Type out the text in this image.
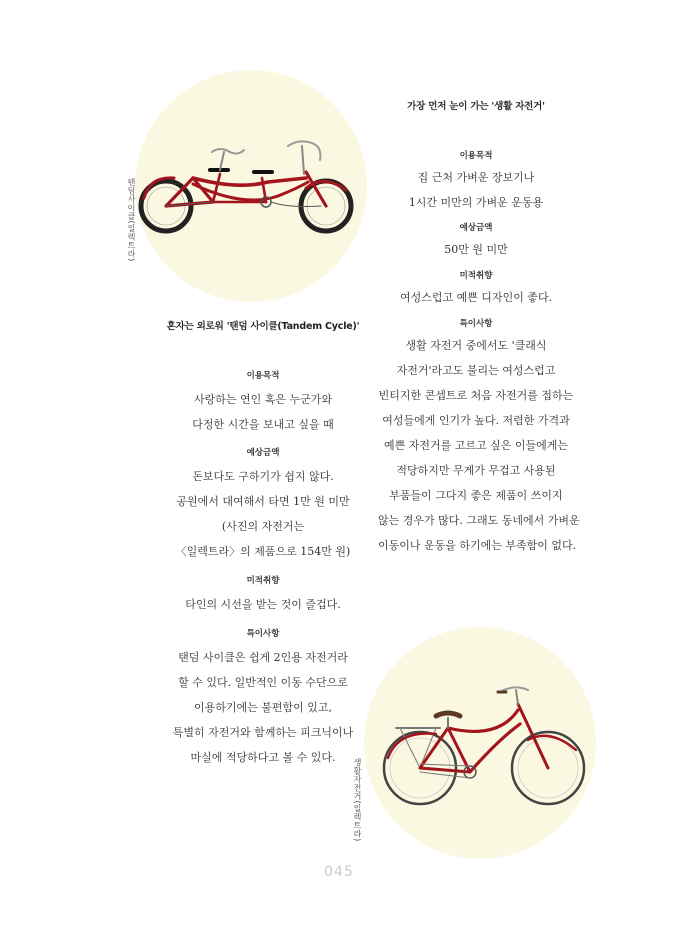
텐덤사이클(일렉트라)
생활자전거(일렉트라)
혼자는 외로워 '탠덤 사이클(Tandem Cycle)'
이용목적
사랑하는 연인 혹은 누군가와
다정한 시간을 보내고 싶을 때
예상금액
돈보다도 구하기가 쉽지 않다.
공원에서 대여해서 타면 1만 원 미만
(사진의 자전거는
〈일렉트라〉의 제품으로 154만 원)
미적취향
타인의 시선을 받는 것이 즐겁다.
특이사항
탠덤 사이클은 쉽게 2인용 자전거라
할 수 있다. 일반적인 이동 수단으로
이용하기에는 불편함이 있고,
특별히 자전거와 함께하는 피크닉이나
마실에 적당하다고 볼 수 있다.
가장 먼저 눈이 가는 '생활 자전거'
이용목적
집 근처 가벼운 장보기나
1시간 미만의 가벼운 운동용
예상금액
50만 원 미만
미적취향
여성스럽고 예쁜 디자인이 좋다.
특이사항
생활 자전거 중에서도 '클래식
자전거'라고도 불리는 여성스럽고
빈티지한 콘셉트로 처음 자전거를 접하는
여성들에게 인기가 높다. 저렴한 가격과
예쁜 자전거를 고르고 싶은 이들에게는
적당하지만 무게가 무겁고 사용된
부품들이 그다지 좋은 제품이 쓰이지
않는 경우가 많다. 그래도 동네에서 가벼운
이동이나 운동을 하기에는 부족함이 없다.
045
